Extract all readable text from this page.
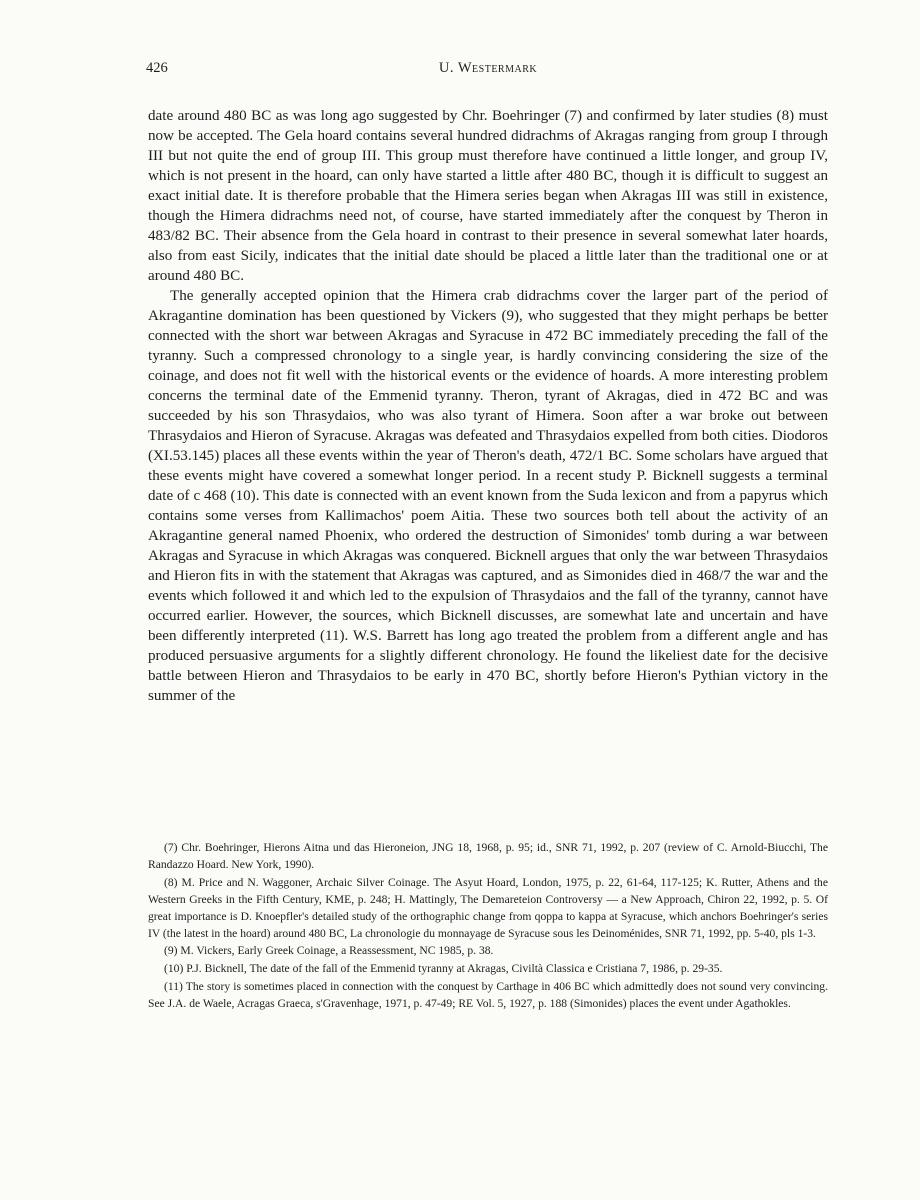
426	U. Westermark

date around 480 BC as was long ago suggested by Chr. Boehringer (7) and confirmed by later studies (8) must now be accepted. The Gela hoard contains several hundred didrachms of Akragas ranging from group I through III but not quite the end of group III. This group must therefore have continued a little longer, and group IV, which is not present in the hoard, can only have started a little after 480 BC, though it is difficult to suggest an exact initial date. It is therefore probable that the Himera series began when Akragas III was still in existence, though the Himera didrachms need not, of course, have started immediately after the conquest by Theron in 483/82 BC. Their absence from the Gela hoard in contrast to their presence in several somewhat later hoards, also from east Sicily, indicates that the initial date should be placed a little later than the traditional one or at around 480 BC.

The generally accepted opinion that the Himera crab didrachms cover the larger part of the period of Akragantine domination has been questioned by Vickers (9), who suggested that they might perhaps be better connected with the short war between Akragas and Syracuse in 472 BC immediately preceding the fall of the tyranny. Such a compressed chronology to a single year, is hardly convincing considering the size of the coinage, and does not fit well with the historical events or the evidence of hoards. A more interesting problem concerns the terminal date of the Emmenid tyranny. Theron, tyrant of Akragas, died in 472 BC and was succeeded by his son Thrasydaios, who was also tyrant of Himera. Soon after a war broke out between Thrasydaios and Hieron of Syracuse. Akragas was defeated and Thrasydaios expelled from both cities. Diodoros (XI.53.145) places all these events within the year of Theron's death, 472/1 BC. Some scholars have argued that these events might have covered a somewhat longer period. In a recent study P. Bicknell suggests a terminal date of c 468 (10). This date is connected with an event known from the Suda lexicon and from a papyrus which contains some verses from Kallimachos' poem Aitia. These two sources both tell about the activity of an Akragantine general named Phoenix, who ordered the destruction of Simonides' tomb during a war between Akragas and Syracuse in which Akragas was conquered. Bicknell argues that only the war between Thrasydaios and Hieron fits in with the statement that Akragas was captured, and as Simonides died in 468/7 the war and the events which followed it and which led to the expulsion of Thrasydaios and the fall of the tyranny, cannot have occurred earlier. However, the sources, which Bicknell discusses, are somewhat late and uncertain and have been differently interpreted (11). W.S. Barrett has long ago treated the problem from a different angle and has produced persuasive arguments for a slightly different chronology. He found the likeliest date for the decisive battle between Hieron and Thrasydaios to be early in 470 BC, shortly before Hieron's Pythian victory in the summer of the

(7) Chr. Boehringer, Hierons Aitna und das Hieroneion, JNG 18, 1968, p. 95; id., SNR 71, 1992, p. 207 (review of C. Arnold-Biucchi, The Randazzo Hoard. New York, 1990).

(8) M. Price and N. Waggoner, Archaic Silver Coinage. The Asyut Hoard, London, 1975, p. 22, 61-64, 117-125; K. Rutter, Athens and the Western Greeks in the Fifth Century, KME, p. 248; H. Mattingly, The Demareteion Controversy — a New Approach, Chiron 22, 1992, p. 5. Of great importance is D. Knoepfler's detailed study of the orthographic change from qoppa to kappa at Syracuse, which anchors Boehringer's series IV (the latest in the hoard) around 480 BC, La chronologie du monnayage de Syracuse sous les Deinoménides, SNR 71, 1992, pp. 5-40, pls 1-3.

(9) M. Vickers, Early Greek Coinage, a Reassessment, NC 1985, p. 38.

(10) P.J. Bicknell, The date of the fall of the Emmenid tyranny at Akragas, Civiltà Classica e Cristiana 7, 1986, p. 29-35.

(11) The story is sometimes placed in connection with the conquest by Carthage in 406 BC which admittedly does not sound very convincing. See J.A. de Waele, Acragas Graeca, s'Gravenhage, 1971, p. 47-49; RE Vol. 5, 1927, p. 188 (Simonides) places the event under Agathokles.
